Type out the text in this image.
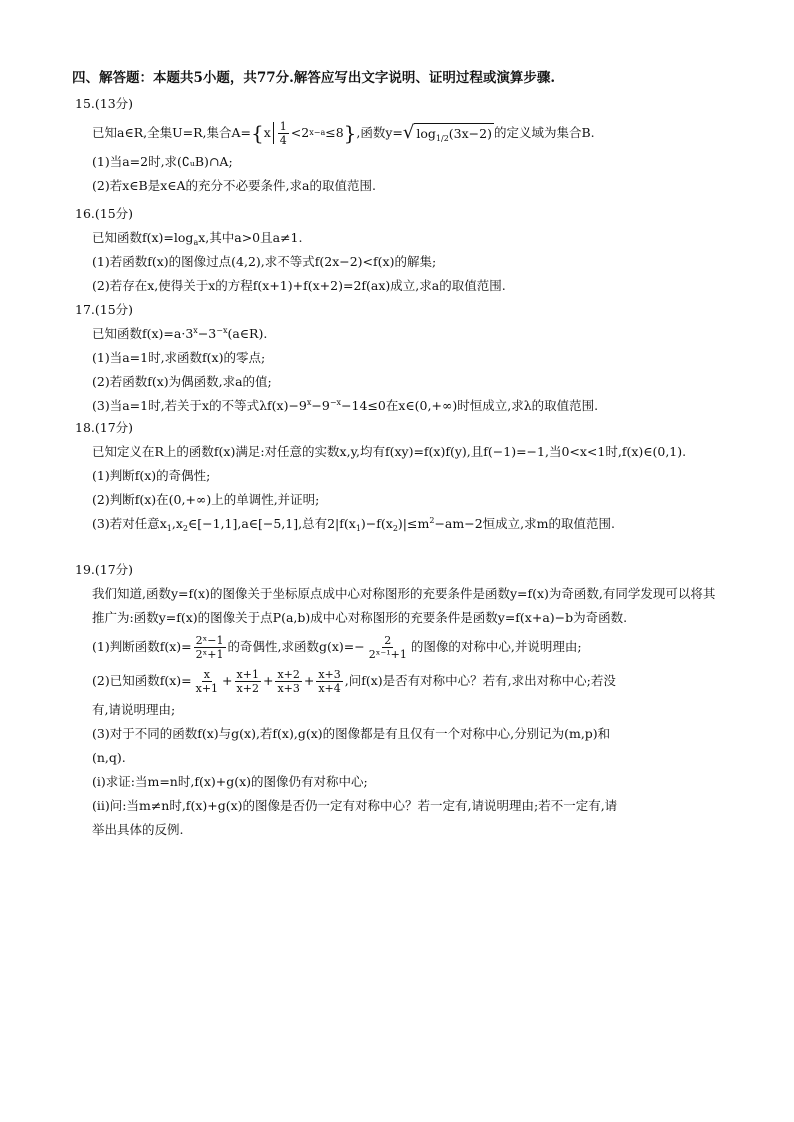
四、解答题：本题共5小题，共77分.解答应写出文字说明、证明过程或演算步骤.
15.(13分)
已知a∈R,全集U=R,集合A= { x $\frac{1}{4} <2$ x−a ≤8 } ,函数y= √ $\log_{1/2}(3x-2)$ 的定义域为集合B.
(1)当a=2时,求(∁ᵤB)∩A;
(2)若x∈B是x∈A的充分不必要条件,求a的取值范围.
16.(15分)
已知函数$f(x)=\log_ax$,其中a>0且a≠1.
(1)若函数f(x)的图像过点(4,2),求不等式f(2x−2)<f(x)的解集;
(2)若存在x,使得关于x的方程f(x+1)+f(x+2)=2f(ax)成立,求a的取值范围.
17.(15分)
已知函数$f(x)=a\cdot 3^x-3^{-x}(a\in R)$.
(1)当a=1时,求函数f(x)的零点;
(2)若函数f(x)为偶函数,求a的值;
(3)当a=1时,若关于x的不等式$\lambda f(x)-9^x-9^{-x}-14\le 0$在x∈(0,+∞)时恒成立,求λ的取值范围.
18.(17分)
已知定义在R上的函数f(x)满足:对任意的实数x,y,均有f(xy)=f(x)f(y),且f(−1)=−1,当0<x<1时,f(x)∈(0,1).
(1)判断f(x)的奇偶性;
(2)判断f(x)在(0,+∞)上的单调性,并证明;
(3)若对任意$x_1,x_2\in[-1,1],a\in[-5,1]$,总有$2|f(x_1)-f(x_2)|\le m^2-am-2$恒成立,求m的取值范围.
19.(17分)
我们知道,函数y=f(x)的图像关于坐标原点成中心对称图形的充要条件是函数y=f(x)为奇函数,有同学发现可以将其推广为:函数y=f(x)的图像关于点P(a,b)成中心对称图形的充要条件是函数y=f(x+a)−b为奇函数.
(1)判断函数$f(x)= \frac{\text{2ˣ−1}}{\text{2ˣ+1}}$ 的奇偶性,求函数$g(x)=- \frac{2}{\text{2ˣ⁻¹+1}}$ 的图像的对称中心,并说明理由;
(2)已知函数$f(x)= \frac{x}{x+1} + \frac{x+1}{x+2} + \frac{x+2}{x+3} + \frac{x+3}{x+4}$ ,问f(x)是否有对称中心？若有,求出对称中心;若没
有,请说明理由;
(3)对于不同的函数f(x)与g(x),若f(x),g(x)的图像都是有且仅有一个对称中心,分别记为(m,p)和
(n,q).
(i)求证:当m=n时,f(x)+g(x)的图像仍有对称中心;
(ii)问:当m≠n时,f(x)+g(x)的图像是否仍一定有对称中心？若一定有,请说明理由;若不一定有,请
举出具体的反例.
